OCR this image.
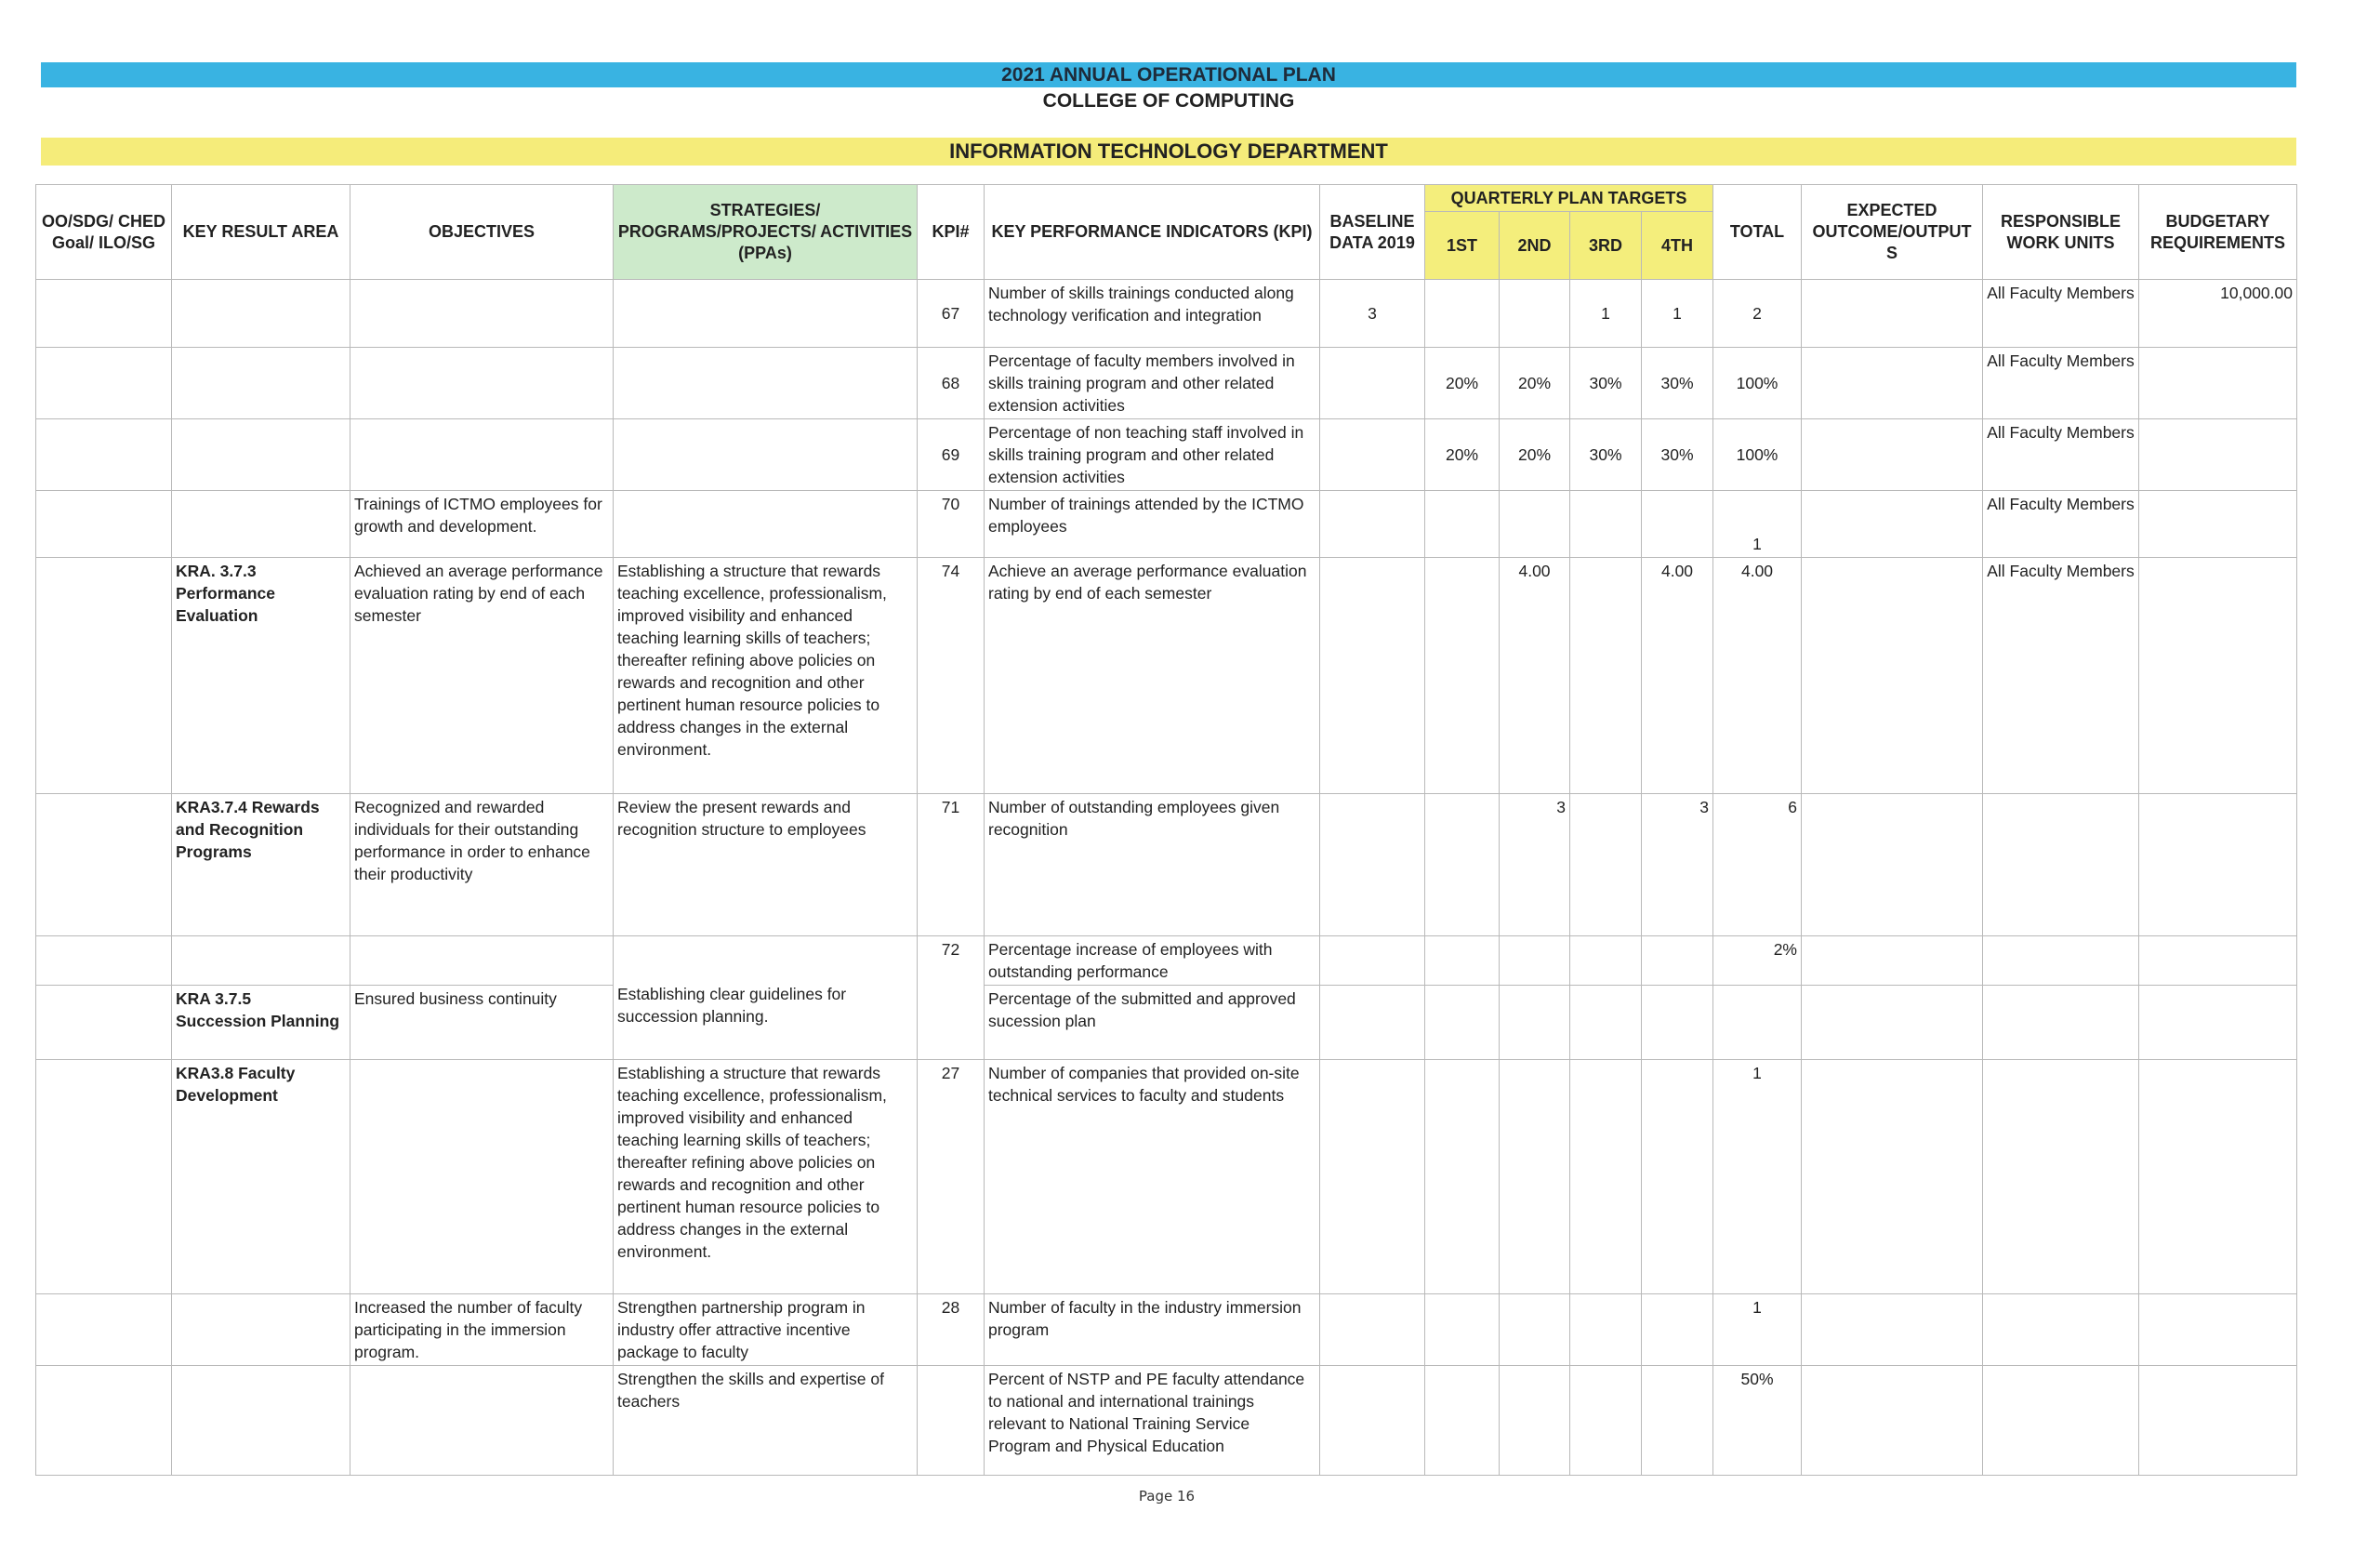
2021 ANNUAL OPERATIONAL PLAN
COLLEGE OF COMPUTING
INFORMATION TECHNOLOGY DEPARTMENT
OO/SDG/ CHED Goal/ ILO/SG	KEY RESULT AREA	OBJECTIVES	STRATEGIES/ PROGRAMS/PROJECTS/ ACTIVITIES (PPAs)	KPI#	KEY PERFORMANCE INDICATORS (KPI)	BASELINE DATA 2019	QUARTERLY PLAN TARGETS				TOTAL	EXPECTED OUTCOME/OUTPUT S	RESPONSIBLE WORK UNITS	BUDGETARY REQUIREMENTS
							1ST	2ND	3RD	4TH				
				67	Number of skills trainings conducted along technology verification and integration	3			1	1	2		All Faculty Members	10,000.00
				68	Percentage of faculty members involved in skills training program and other related extension activities		20%	20%	30%	30%	100%		All Faculty Members	
				69	Percentage of non teaching staff involved in skills training program and other related extension activities		20%	20%	30%	30%	100%		All Faculty Members	
		Trainings of ICTMO employees for growth and development.		70	Number of trainings attended by the ICTMO employees						1		All Faculty Members	
	KRA. 3.7.3 Performance Evaluation	Achieved an average performance evaluation rating by end of each semester	Establishing a structure that rewards teaching excellence, professionalism, improved visibility and enhanced teaching learning skills of teachers; thereafter refining above policies on rewards and recognition and other pertinent human resource policies to address changes in the external environment.	74	Achieve an average performance evaluation rating by end of each semester			4.00		4.00	4.00		All Faculty Members	
	KRA3.7.4 Rewards and Recognition Programs	Recognized and rewarded individuals for their outstanding performance in order to enhance their productivity	Review the present rewards and recognition structure to employees	71	Number of outstanding employees given recognition			3		3	6			

			Establishing clear guidelines for succession planning.	72	Percentage increase of employees with outstanding performance						2%			
	KRA 3.7.5 Succession Planning	Ensured business continuity			Percentage of the submitted and approved sucession plan									
	KRA3.8 Faculty Development		Establishing a structure that rewards teaching excellence, professionalism, improved visibility and enhanced teaching learning skills of teachers; thereafter refining above policies on rewards and recognition and other pertinent human resource policies to address changes in the external environment.	27	Number of companies that provided on-site technical services to faculty and students						1			
		Increased the number of faculty participating in the immersion program.	Strengthen partnership program in industry offer attractive incentive package to faculty	28	Number of faculty in the industry immersion program						1			
			Strengthen the skills and expertise of teachers		Percent of NSTP and PE faculty attendance to national and international trainings relevant to National Training Service Program and Physical Education						50%			
Page 16
